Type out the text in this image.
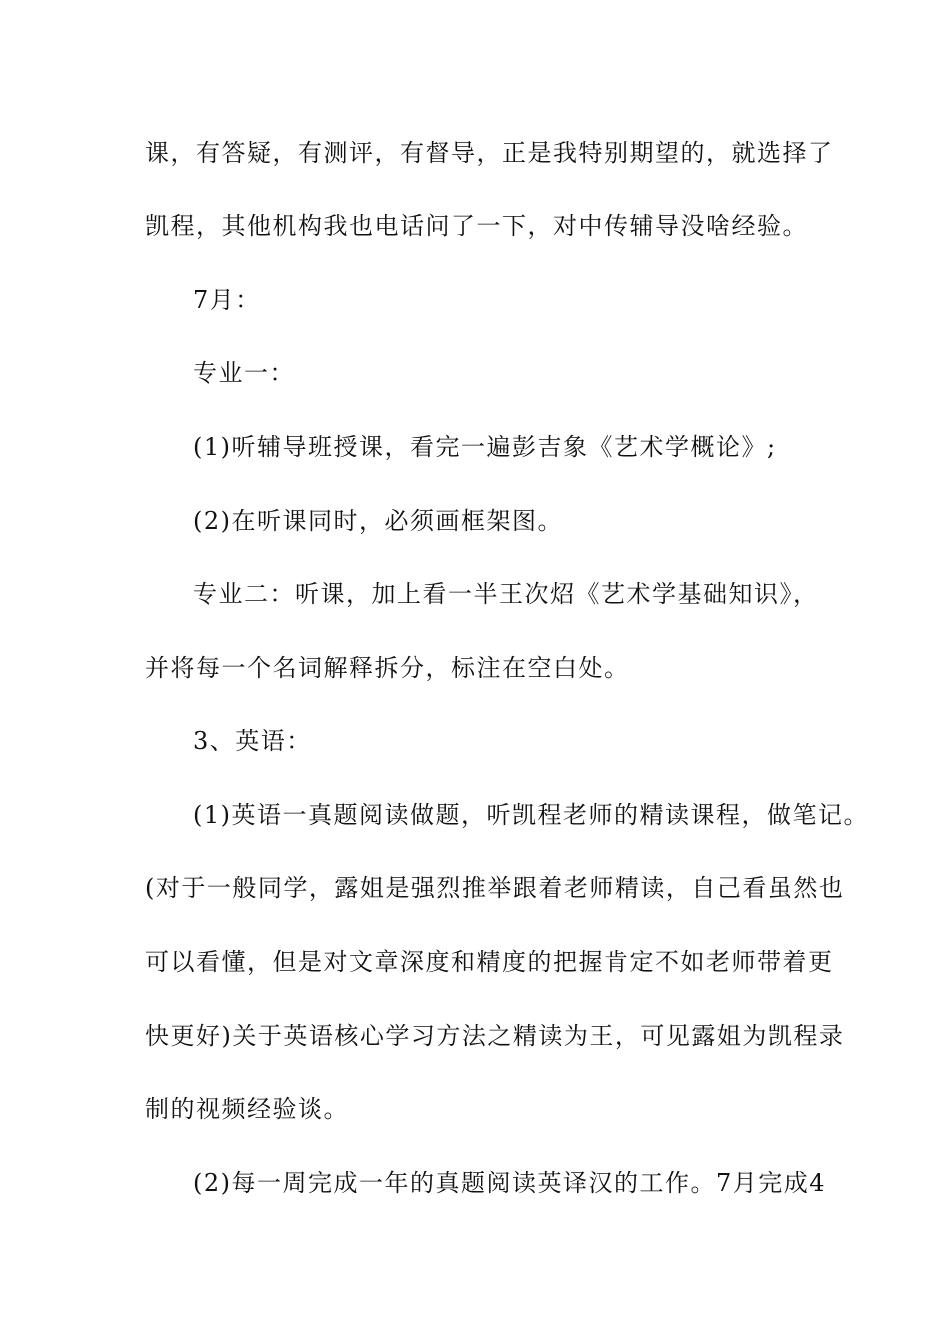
课，有答疑，有测评，有督导，正是我特别期望的，就选择了
凯程，其他机构我也电话问了一下，对中传辅导没啥经验。
7月：
专业一：
(1)听辅导班授课，看完一遍彭吉象《艺术学概论》;
(2)在听课同时，必须画框架图。
专业二：听课，加上看一半王次炤《艺术学基础知识》，
并将每一个名词解释拆分，标注在空白处。
3、英语：
(1)英语一真题阅读做题，听凯程老师的精读课程，做笔记。
(对于一般同学，露姐是强烈推举跟着老师精读，自己看虽然也
可以看懂，但是对文章深度和精度的把握肯定不如老师带着更
快更好)关于英语核心学习方法之精读为王，可见露姐为凯程录
制的视频经验谈。
(2)每一周完成一年的真题阅读英译汉的工作。7月完成4
